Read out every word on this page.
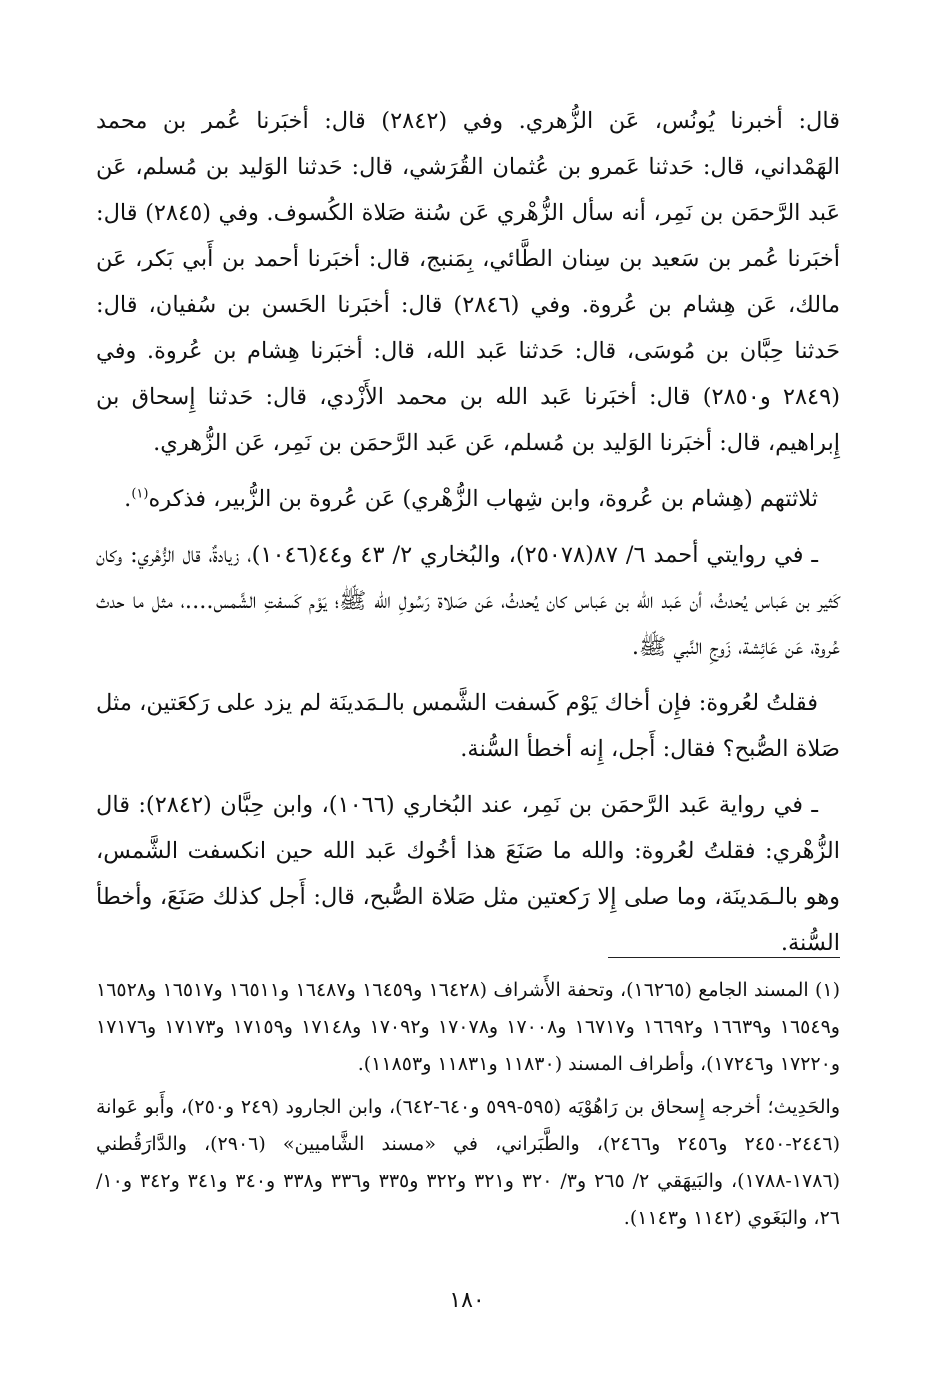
قال: أخبرنا يُونُس، عَن الزُّهري. وفي (٢٨٤٢) قال: أخبَرنا عُمر بن محمد الهَمْداني، قال: حَدثنا عَمرو بن عُثمان القُرَشي، قال: حَدثنا الوَليد بن مُسلم، عَن عَبد الرَّحمَن بن نَمِر، أنه سأل الزُّهْري عَن سُنة صَلاة الكُسوف. وفي (٢٨٤٥) قال: أخبَرنا عُمر بن سَعيد بن سِنان الطَّائي، بِمَنبج، قال: أخبَرنا أحمد بن أَبي بَكر، عَن مالك، عَن هِشام بن عُروة. وفي (٢٨٤٦) قال: أخبَرنا الحَسن بن سُفيان، قال: حَدثنا حِبَّان بن مُوسَى، قال: حَدثنا عَبد الله، قال: أخبَرنا هِشام بن عُروة. وفي (٢٨٤٩ و٢٨٥٠) قال: أخبَرنا عَبد الله بن محمد الأَزْدي، قال: حَدثنا إِسحاق بن إِبراهيم، قال: أخبَرنا الوَليد بن مُسلم، عَن عَبد الرَّحمَن بن نَمِر، عَن الزُّهري.

ثلاثتهم (هِشام بن عُروة، وابن شِهاب الزُّهْري) عَن عُروة بن الزُّبير، فذكره$^{(١)}$.

ـ في روايتي أحمد ٦/ ٨٧(٢٥٠٧٨)، والبُخاري ٢/ ٤٣ و٤٤(١٠٤٦)، زيادةٌ، قال الزُّهْري: وكان كَثير بن عَباس يُحدثُ، أن عَبد الله بن عَباس كان يُحدثُ، عَن صَلاة رَسُولِ الله ﷺ؛ يَوْم كَسفتِ الشَّمس....، مثل ما حدث عُروة، عَن عَائِشة، زَوجِ النَّبي ﷺ.

فقلتُ لعُروة: فإِن أخاك يَوْم كَسفت الشَّمس بالـمَدينَة لم يزد على رَكعَتين، مثل صَلاة الصُّبح؟ فقال: أَجل، إِنه أخطأ السُّنة.

ـ في رواية عَبد الرَّحمَن بن نَمِر، عند البُخاري (١٠٦٦)، وابن حِبَّان (٢٨٤٢): قال الزُّهْري: فقلتُ لعُروة: والله ما صَنَعَ هذا أخُوك عَبد الله حين انكسفت الشَّمس، وهو بالـمَدينَة، وما صلى إِلا رَكعتين مثل صَلاة الصُّبح، قال: أَجل كذلك صَنَعَ، وأخطأ السُّنة.

(١) المسند الجامع (١٦٢٦٥)، وتحفة الأَشراف (١٦٤٢٨ و١٦٤٥٩ و١٦٤٨٧ و١٦٥١١ و١٦٥١٧ و١٦٥٢٨ و١٦٥٤٩ و١٦٦٣٩ و١٦٦٩٢ و١٦٧١٧ و١٧٠٠٨ و١٧٠٧٨ و١٧٠٩٢ و١٧١٤٨ و١٧١٥٩ و١٧١٧٣ و١٧١٧٦ و١٧٢٢٠ و١٧٢٤٦)، وأطراف المسند (١١٨٣٠ و١١٨٣١ و١١٨٥٣).

والحَدِيث؛ أخرجه إِسحاق بن رَاهُوْيَه (٥٩٥-٥٩٩ و٦٤٠-٦٤٢)، وابن الجارود (٢٤٩ و٢٥٠)، وأَبو عَوانة (٢٤٤٦-٢٤٥٠ و٢٤٥٦ و٢٤٦٦)، والطَّبَراني، في «مسند الشَّاميين» (٢٩٠٦)، والدَّارَقُطني (١٧٨٦-١٧٨٨)، والبَيهَقي ٢/ ٢٦٥ و٣/ ٣٢٠ و٣٢١ و٣٢٢ و٣٣٥ و٣٣٦ و٣٣٨ و٣٤٠ و٣٤١ و٣٤٢ و١٠/ ٢٦، والبَغَوي (١١٤٢ و١١٤٣).

١٨٠
